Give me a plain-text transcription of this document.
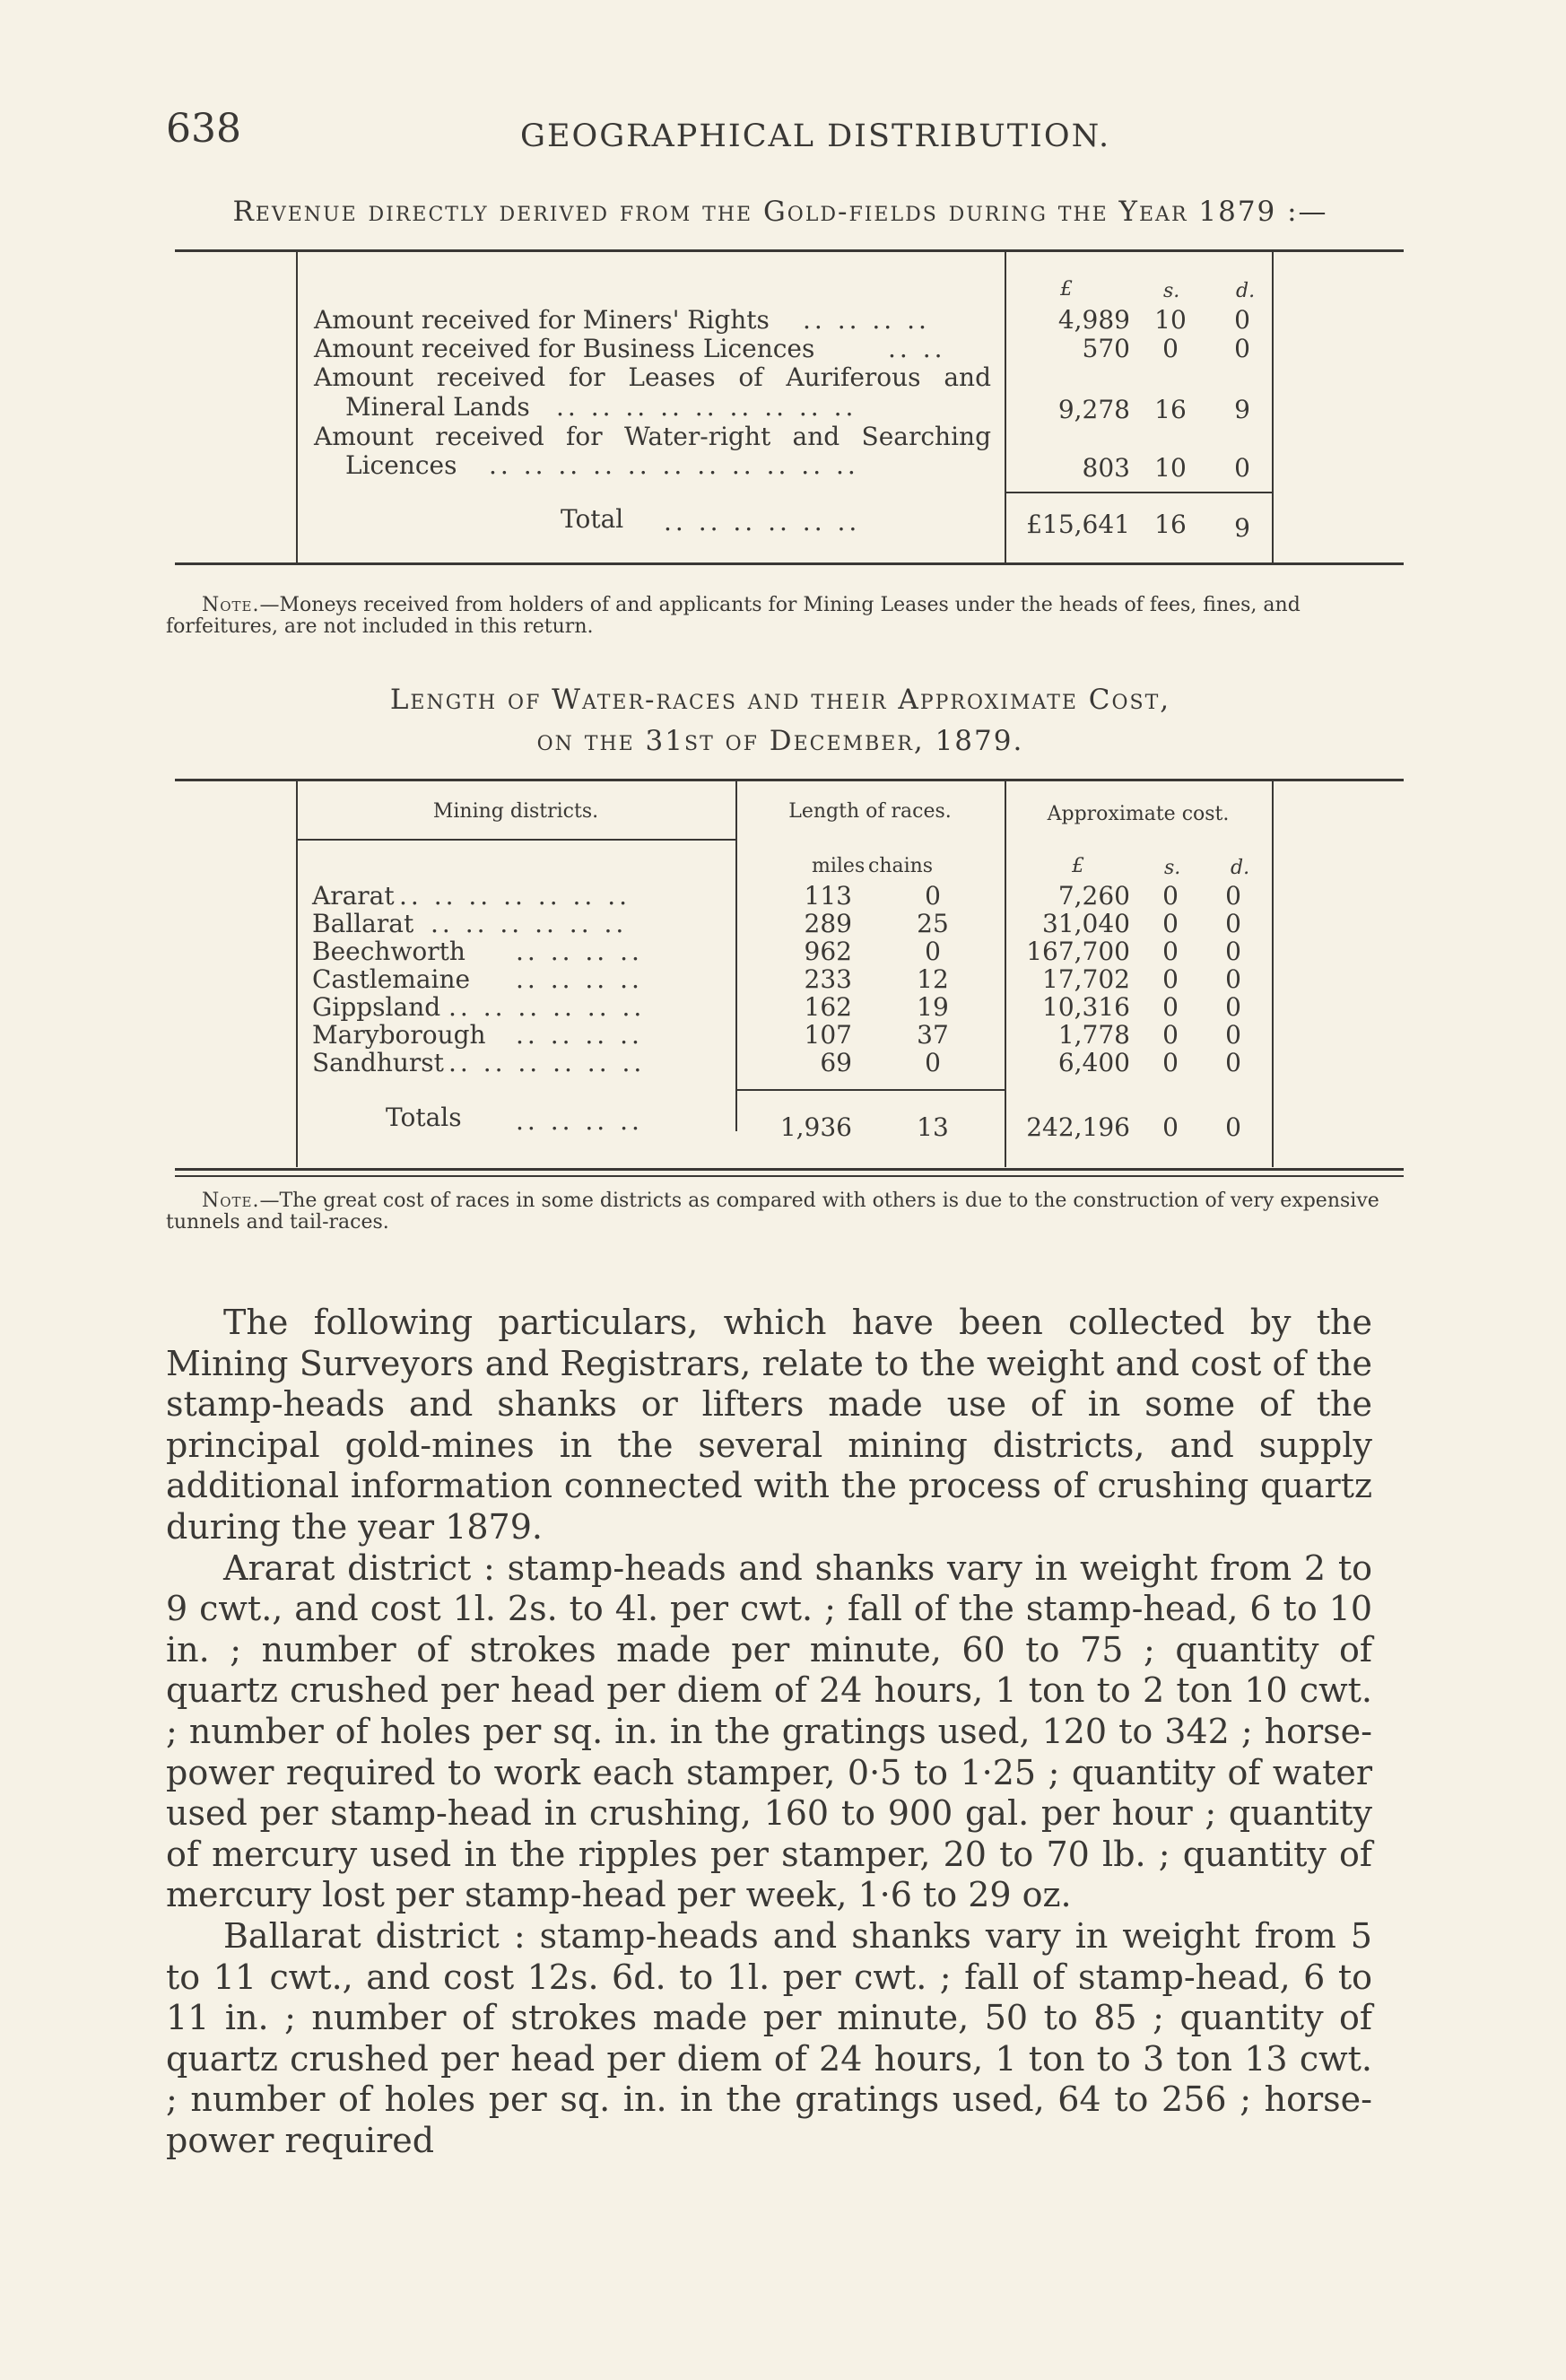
638	GEOGRAPHICAL DISTRIBUTION.
Revenue directly derived from the Gold-fields during the Year 1879 :—
£	s.	d.
Amount received for Miners' Rights .. .. .. ..	4,989 10	0
Amount received for Business Licences	.. ..	570	0	0
Amount received for Leases of Auriferous and
Mineral Lands .. .. .. .. .. .. .. .. ..	9,278 16	9
Amount received for Water-right and Searching
Licences .. .. .. .. .. .. .. .. .. .. ..	803 10	0
Total .. .. .. .. .. ..	£15,641 16	9
Note.—Moneys received from holders of and applicants for Mining Leases under the heads of fees, fines, and forfeitures, are not included in this return.
Length of Water-races and their Approximate Cost,
on the 31st of December, 1879.
Mining districts.	Length of races.	Approximate cost.
miles chains	£	s.	d.
Ararat .. .. .. .. .. .. ..	113	0	7,260 0 0
Ballarat .. .. .. .. .. ..	289	25	31,040 0 0
Beechworth .. .. .. ..	962	0	167,700 0 0
Castlemaine .. .. .. ..	233	12	17,702 0 0
Gippsland .. .. .. .. .. ..	162	19	10,316 0 0
Maryborough .. .. .. ..	107	37	1,778 0 0
Sandhurst .. .. .. .. .. ..	69	0	6,400 0 0
Totals .. .. .. ..	1,936	13	242,196 0 0
Note.—The great cost of races in some districts as compared with others is due to the construction of very expensive tunnels and tail-races.

The following particulars, which have been collected by the Mining Surveyors and Registrars, relate to the weight and cost of the stamp-heads and shanks or lifters made use of in some of the principal gold-mines in the several mining districts, and supply additional information connected with the process of crushing quartz during the year 1879.

Ararat district : stamp-heads and shanks vary in weight from 2 to 9 cwt., and cost 1l. 2s. to 4l. per cwt. ; fall of the stamp-head, 6 to 10 in. ; number of strokes made per minute, 60 to 75 ; quantity of quartz crushed per head per diem of 24 hours, 1 ton to 2 ton 10 cwt. ; number of holes per sq. in. in the gratings used, 120 to 342 ; horse-power required to work each stamper, 0·5 to 1·25 ; quantity of water used per stamp-head in crushing, 160 to 900 gal. per hour ; quantity of mercury used in the ripples per stamper, 20 to 70 lb. ; quantity of mercury lost per stamp-head per week, 1·6 to 29 oz.

Ballarat district : stamp-heads and shanks vary in weight from 5 to 11 cwt., and cost 12s. 6d. to 1l. per cwt. ; fall of stamp-head, 6 to 11 in. ; number of strokes made per minute, 50 to 85 ; quantity of quartz crushed per head per diem of 24 hours, 1 ton to 3 ton 13 cwt. ; number of holes per sq. in. in the gratings used, 64 to 256 ; horse-power required
